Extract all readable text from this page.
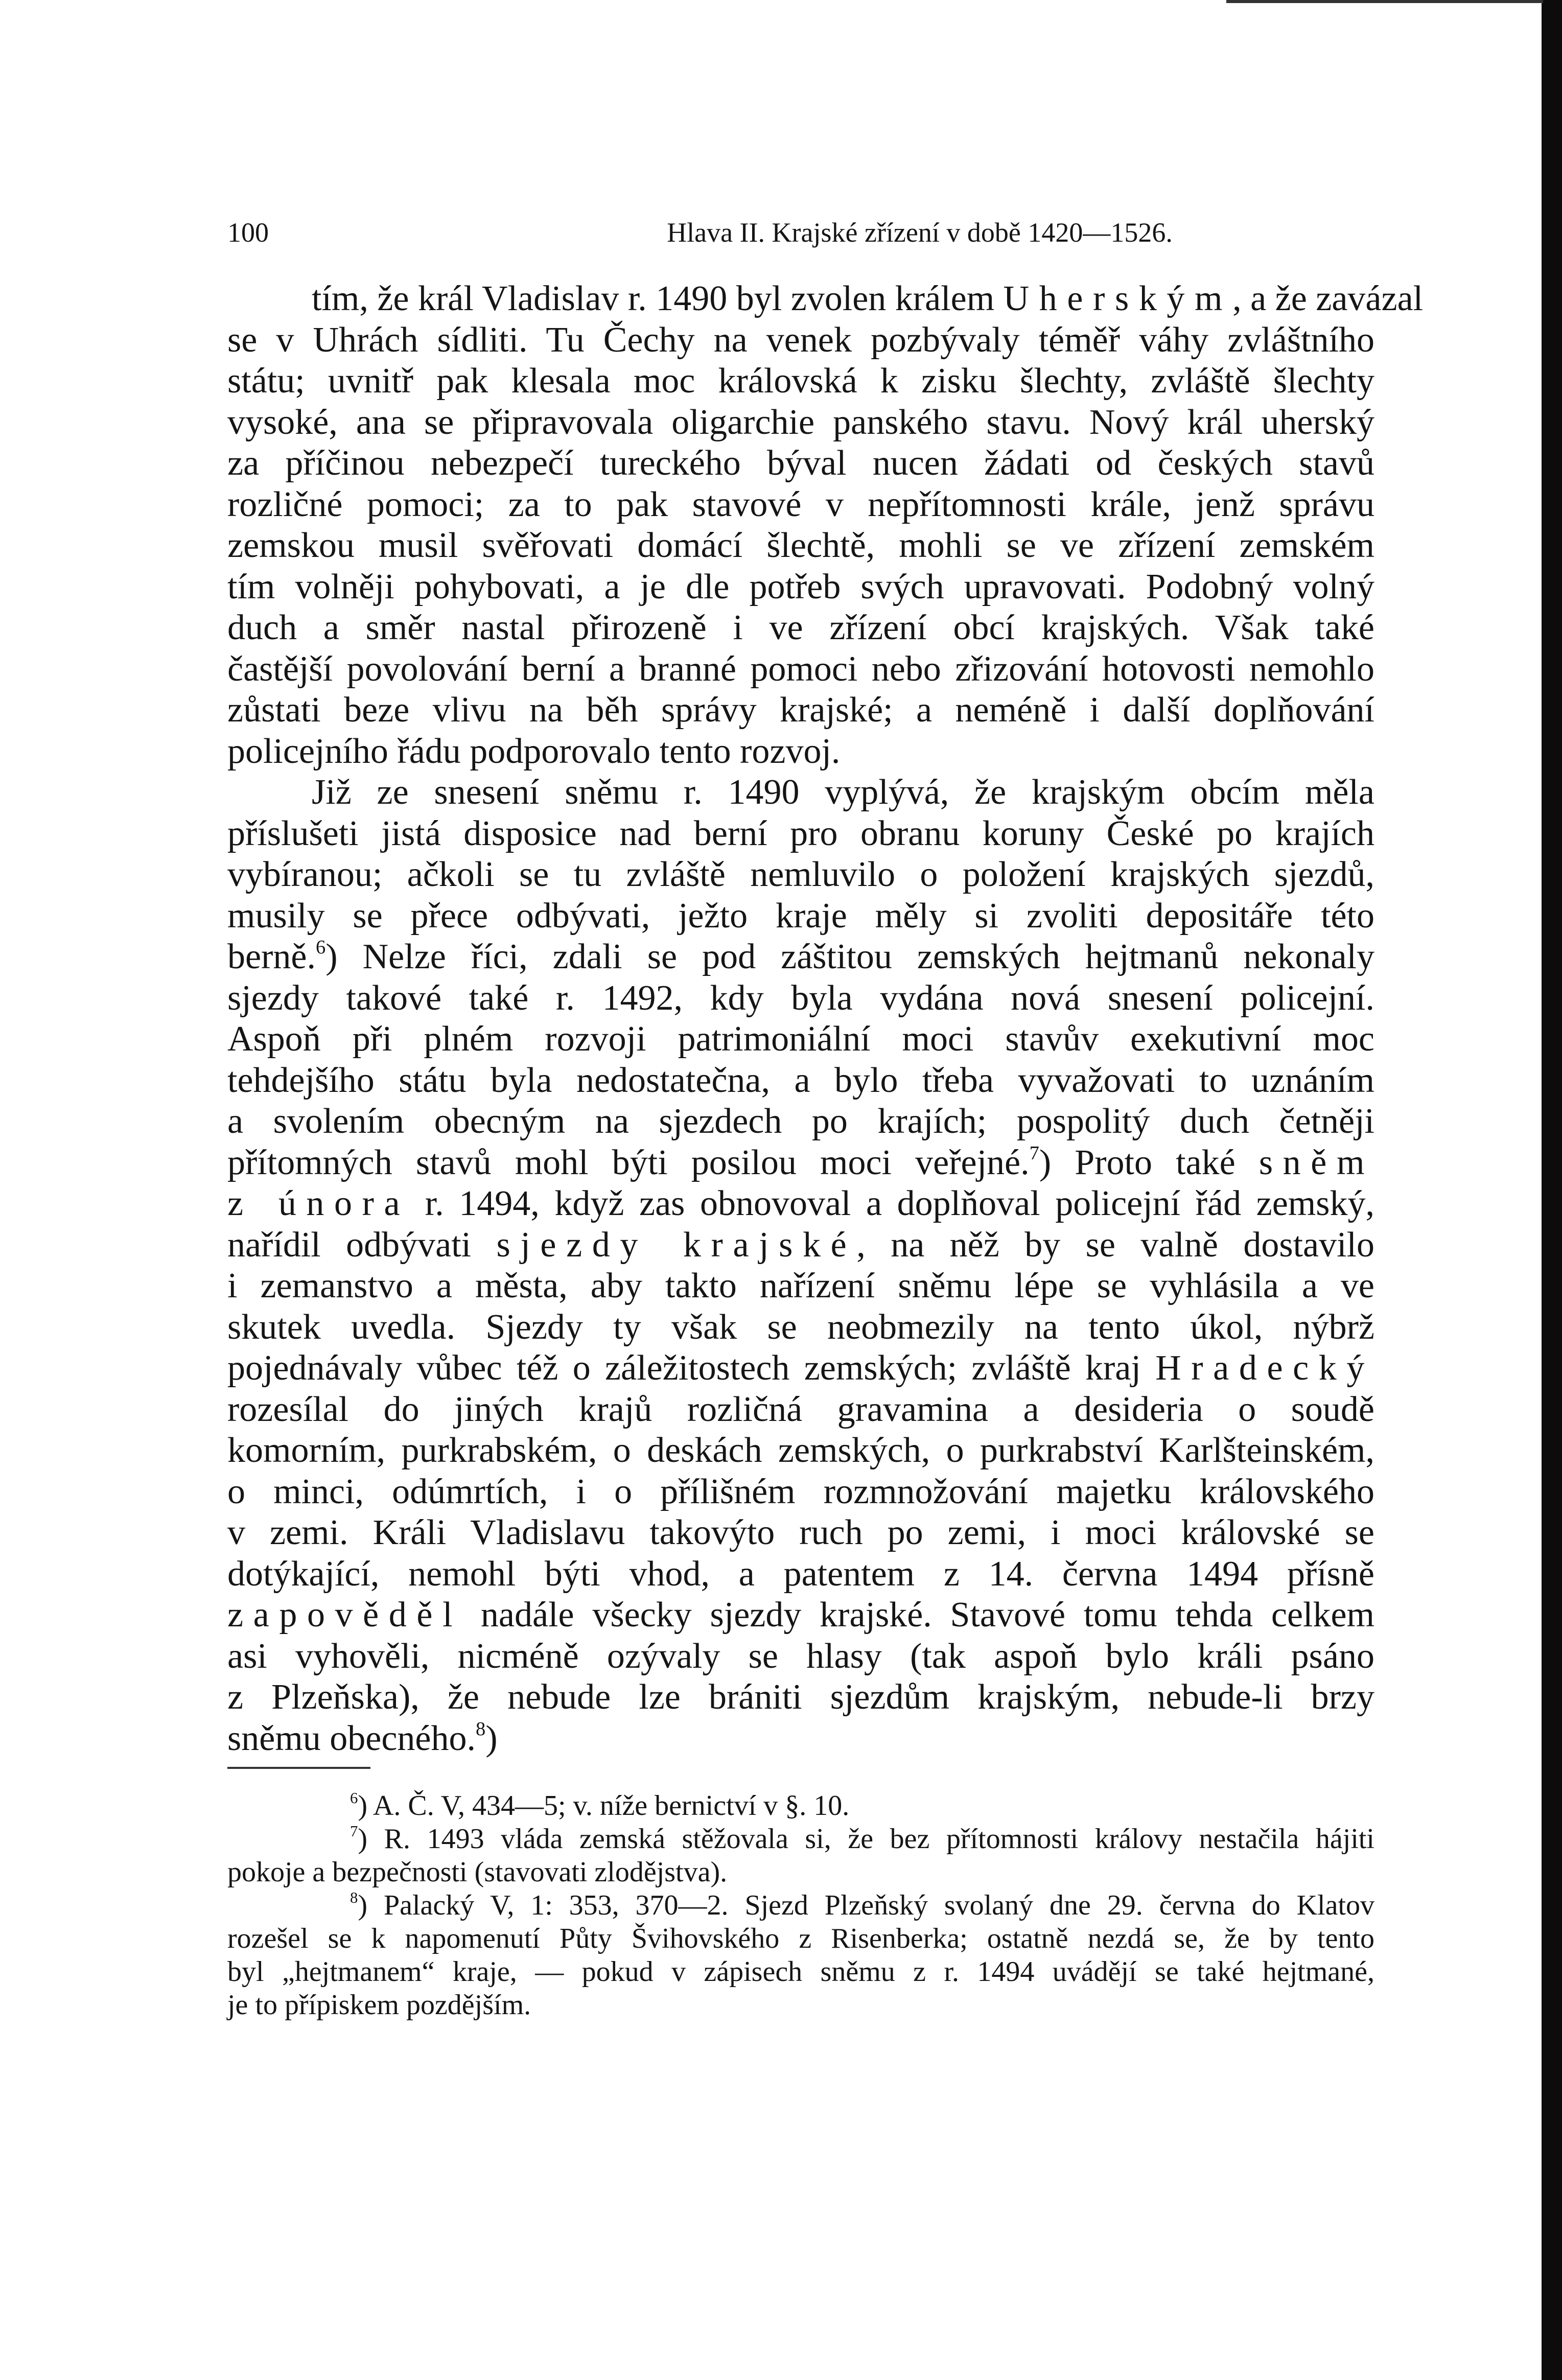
100	Hlava II. Krajské zřízení v době 1420—1526.
tím, že král Vladislav r. 1490 byl zvolen králem Uherským, a že zavázal
se v Uhrách sídliti. Tu Čechy na venek pozbývaly téměř váhy zvláštního
státu; uvnitř pak klesala moc královská k zisku šlechty, zvláště šlechty
vysoké, ana se připravovala oligarchie panského stavu. Nový král uherský
za příčinou nebezpečí tureckého býval nucen žádati od českých stavů
rozličné pomoci; za to pak stavové v nepřítomnosti krále, jenž správu
zemskou musil svěřovati domácí šlechtě, mohli se ve zřízení zemském
tím volněji pohybovati, a je dle potřeb svých upravovati. Podobný volný
duch a směr nastal přirozeně i ve zřízení obcí krajských. Však také
častější povolování berní a branné pomoci nebo zřizování hotovosti nemohlo
zůstati beze vlivu na běh správy krajské; a neméně i další doplňování
policejního řádu podporovalo tento rozvoj.
Již ze snesení sněmu r. 1490 vyplývá, že krajským obcím měla
příslušeti jistá disposice nad berní pro obranu koruny České po krajích
vybíranou; ačkoli se tu zvláště nemluvilo o položení krajských sjezdů,
musily se přece odbývati, ježto kraje měly si zvoliti depositáře této
berně.$^6$) Nelze říci, zdali se pod záštitou zemských hejtmanů nekonaly
sjezdy takové také r. 1492, kdy byla vydána nová snesení policejní.
Aspoň při plném rozvoji patrimoniální moci stavův exekutivní moc
tehdejšího státu byla nedostatečna, a bylo třeba vyvažovati to uznáním
a svolením obecným na sjezdech po krajích; pospolitý duch četněji
přítomných stavů mohl býti posilou moci veřejné.$^7$) Proto také sněm
z února r. 1494, když zas obnovoval a doplňoval policejní řád zemský,
nařídil odbývati sjezdy krajské, na něž by se valně dostavilo
i zemanstvo a města, aby takto nařízení sněmu lépe se vyhlásila a ve
skutek uvedla. Sjezdy ty však se neobmezily na tento úkol, nýbrž
pojednávaly vůbec též o záležitostech zemských; zvláště kraj Hradecký
rozesílal do jiných krajů rozličná gravamina a desideria o soudě
komorním, purkrabském, o deskách zemských, o purkrabství Karlšteinském,
o minci, odúmrtích, i o přílišném rozmnožování majetku královského
v zemi. Králi Vladislavu takovýto ruch po zemi, i moci královské se
dotýkající, nemohl býti vhod, a patentem z 14. června 1494 přísně
zapověděl nadále všecky sjezdy krajské. Stavové tomu tehda celkem
asi vyhověli, nicméně ozývaly se hlasy (tak aspoň bylo králi psáno
z Plzeňska), že nebude lze brániti sjezdům krajským, nebude-li brzy
sněmu obecného.$^8$)
$^6$) A. Č. V, 434—5; v. níže bernictví v §. 10.
$^7$) R. 1493 vláda zemská stěžovala si, že bez přítomnosti královy nestačila hájiti
pokoje a bezpečnosti (stavovati zlodějstva).
$^8$) Palacký V, 1: 353, 370—2. Sjezd Plzeňský svolaný dne 29. června do Klatov
rozešel se k napomenutí Půty Švihovského z Risenberka; ostatně nezdá se, že by tento
byl „hejtmanem“ kraje, — pokud v zápisech sněmu z r. 1494 uvádějí se také hejtmané,
je to přípiskem pozdějším.
